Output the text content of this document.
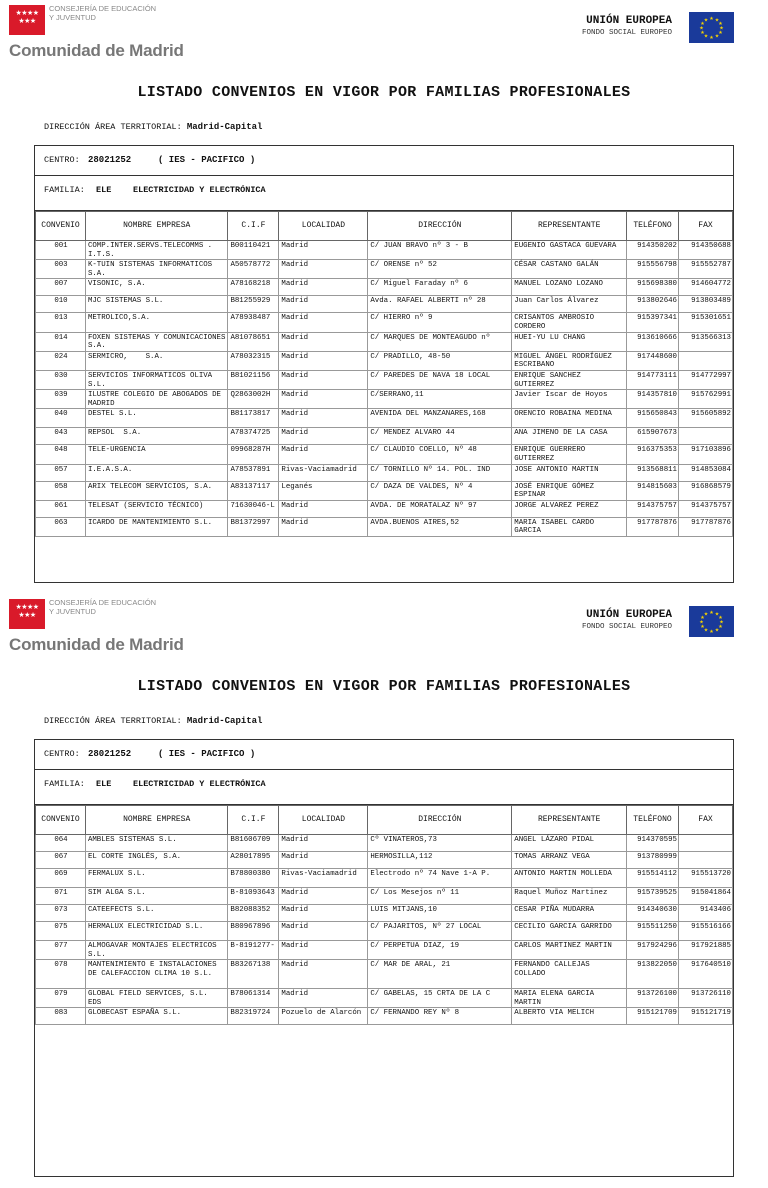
★★★★
★★★
CONSEJERÍA DE EDUCACIÓN
Y JUVENTUD
Comunidad de Madrid
UNIÓN EUROPEA
FONDO SOCIAL EUROPEO
★ ★
★
★
★
★
★
★
★
★
★
★
LISTADO CONVENIOS EN VIGOR POR FAMILIAS PROFESIONALES
DIRECCIÓN ÁREA TERRITORIAL: Madrid-Capital
CENTRO: 28021252	( IES - PACIFICO )
FAMILIA: ELE	ELECTRICIDAD Y ELECTRÓNICA
CONVENIO	NOMBRE EMPRESA	C.I.F	LOCALIDAD	DIRECCIÓN	REPRESENTANTE	TELÉFONO	FAX
001	COMP.INTER.SERVS.TELECOMMS . I.T.S.	B00110421	Madrid	C/ JUAN BRAVO nº 3 - B	EUGENIO GASTACA GUEVARA	914350202	914350688
003	K-TUIN SISTEMAS INFORMATICOS S.A.	A50578772	Madrid	C/ ORENSE nº 52	CÉSAR CASTANO GALÁN	915556798	915552787
007	VISONIC, S.A.	A78168218	Madrid	C/ Miguel Faraday nº 6	MANUEL LOZANO LOZANO	915698380	914604772
010	MJC SISTEMAS S.L.	B81255929	Madrid	Avda. RAFAEL ALBERTI nº 28	Juan Carlos Álvarez	913802646	913803489
013	METROLICO,S.A.	A78938487	Madrid	C/ HIERRO nº 9	CRISANTOS AMBROSIO CORDERO	915397341	915301651
014	FOXEN SISTEMAS Y COMUNICACIONES S.A.	A81078651	Madrid	C/ MARQUES DE MONTEAGUDO nº	HUEI-YU LU CHANG	913610666	913566313
024	SERMICRO,    S.A.	A78032315	Madrid	C/ PRADILLO, 48-50	MIGUEL ÁNGEL RODRÍGUEZ ESCRIBANO	917448600	
030	SERVICIOS INFORMATICOS OLIVA S.L.	B81021156	Madrid	C/ PAREDES DE NAVA 18 LOCAL	ENRIQUE SANCHEZ GUTIERREZ	914773111	914772997
039	ILUSTRE COLEGIO DE ABOGADOS DE MADRID	Q2863002H	Madrid	C/SERRANO,11	Javier Iscar de Hoyos	914357810	915762991
040	DESTEL S.L.	B81173817	Madrid	AVENIDA DEL MANZANARES,168	ORENCIO ROBAINA MEDINA	915650843	915605892
043	REPSOL  S.A.	A78374725	Madrid	C/ MENDEZ ALVARO 44	ANA JIMENO DE LA CASA	615907673	
048	TELE-URGENCIA	09968287H	Madrid	C/ CLAUDIO COELLO, Nº 48	ENRIQUE GUERRERO GUTIERREZ	916375353	917103896
057	I.E.A.S.A.	A78537891	Rivas-Vaciamadrid	C/ TORNILLO Nº 14. POL. IND	JOSE ANTONIO MARTIN	913568811	914853084
058	ARIX TELECOM SERVICIOS, S.A.	A83137117	Leganés	C/ DAZA DE VALDES, Nº 4	JOSÉ ENRIQUE GÓMEZ ESPINAR	914815603	916868579
061	TELESAT (SERVICIO TÉCNICO)	71630046-L	Madrid	AVDA. DE MORATALAZ Nº 97	JORGE ALVAREZ PEREZ	914375757	914375757
063	ICARDO DE MANTENIMIENTO S.L.	B81372997	Madrid	AVDA.BUENOS AIRES,52	MARIA ISABEL CARDO GARCIA	917787876	917787876
★★★★
★★★
CONSEJERÍA DE EDUCACIÓN
Y JUVENTUD
Comunidad de Madrid
UNIÓN EUROPEA
FONDO SOCIAL EUROPEO
★ ★
★
★
★
★
★
★
★
★
★
★
LISTADO CONVENIOS EN VIGOR POR FAMILIAS PROFESIONALES
DIRECCIÓN ÁREA TERRITORIAL: Madrid-Capital
CENTRO: 28021252	( IES - PACIFICO )
FAMILIA: ELE	ELECTRICIDAD Y ELECTRÓNICA
CONVENIO	NOMBRE EMPRESA	C.I.F	LOCALIDAD	DIRECCIÓN	REPRESENTANTE	TELÉFONO	FAX
064	AMBLES SISTEMAS S.L.	B81606709	Madrid	Cº VINATEROS,73	ANGEL LÁZARO PIDAL	914370595	
067	EL CORTE INGLÉS, S.A.	A28017895	Madrid	HERMOSILLA,112	TOMAS ARRANZ VEGA	913780999	
069	FERMALUX S.L.	B78800380	Rivas-Vaciamadrid	Electrodo nº 74 Nave 1-A P.	ANTONIO MARTIN MOLLEDA	915514112	915513720
071	SIM ALGA S.L.	B-81093643	Madrid	C/ Los Mesejos nº 11	Raquel Muñoz Martinez	915739525	915041864
073	CATEEFECTS S.L.	B82088352	Madrid	LUIS MITJANS,10	CESAR PIÑA MUDARRA	914340630	9143406
075	HERMALUX ELECTRICIDAD S.L.	B80967896	Madrid	C/ PAJARITOS, Nº 27 LOCAL	CECILIO GARCIA GARRIDO	915511250	915516166
077	ALMOGAVAR MONTAJES ELECTRICOS S.L.	B-8191277-	Madrid	C/ PERPETUA DIAZ, 19	CARLOS MARTINEZ MARTIN	917924296	917921885
078	MANTENIMIENTO E INSTALACIONES DE CALEFACCION CLIMA 10 S.L.	B83267138	Madrid	C/ MAR DE ARAL, 21	FERNANDO CALLEJAS COLLADO	913822050	917640510
079	GLOBAL FIELD SERVICES, S.L.  EDS	B78061314	Madrid	C/ GABELAS, 15 CRTA DE LA C	MARIA ELENA GARCIA MARTIN	913726100	913726110
083	GLOBECAST ESPAÑA S.L.	B82319724	Pozuelo de Alarcón	C/ FERNANDO REY Nº 8	ALBERTO VIA MELICH	915121709	915121719
